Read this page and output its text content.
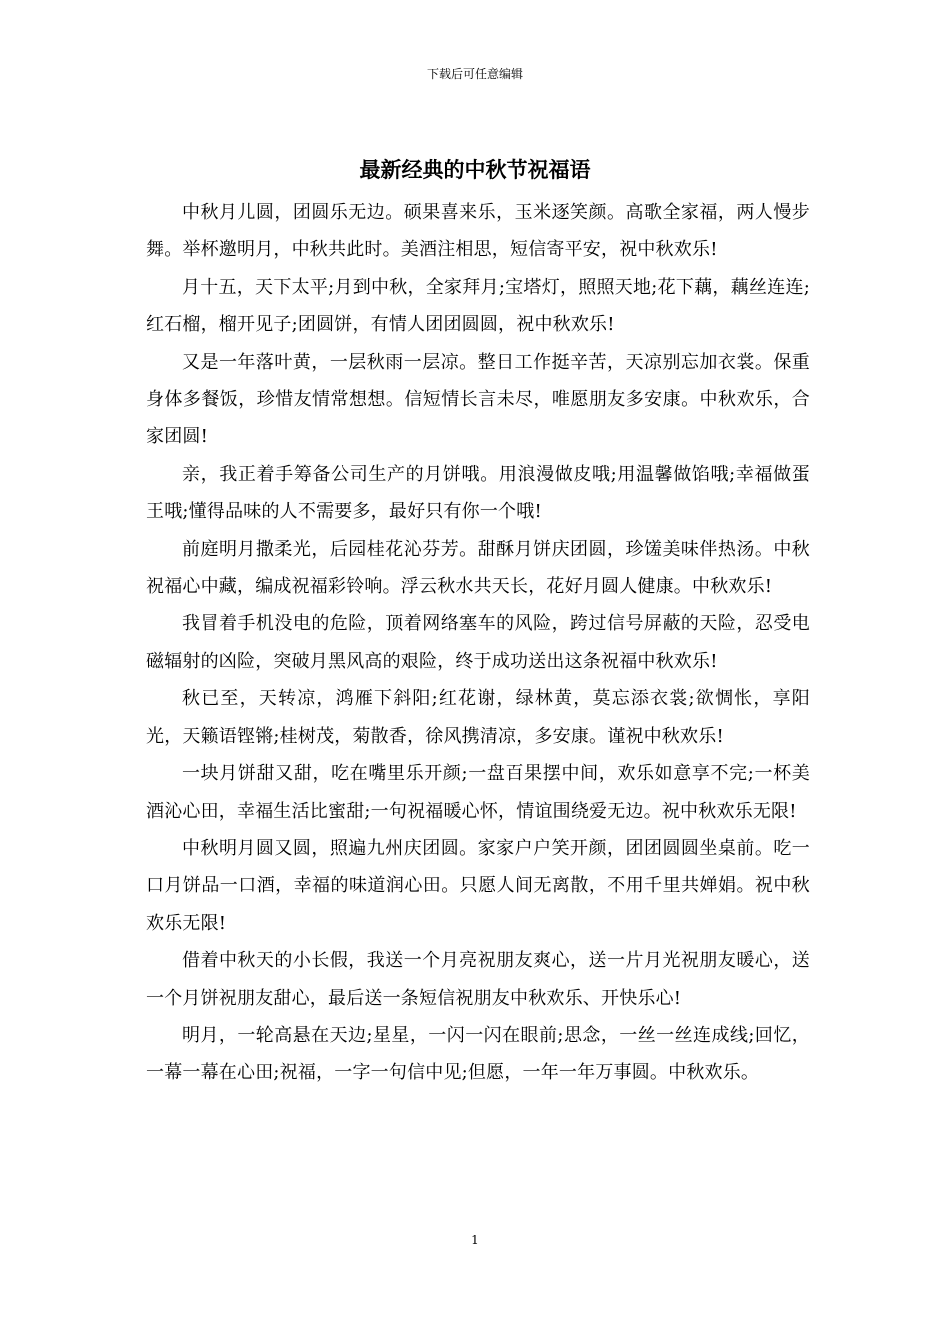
下载后可任意编辑
最新经典的中秋节祝福语

中秋月儿圆，团圆乐无边。硕果喜来乐，玉米逐笑颜。高歌全家福，两人慢步舞。举杯邀明月，中秋共此时。美酒注相思，短信寄平安，祝中秋欢乐!

月十五，天下太平;月到中秋，全家拜月;宝塔灯，照照天地;花下藕，藕丝连连;红石榴，榴开见子;团圆饼，有情人团团圆圆，祝中秋欢乐!

又是一年落叶黄，一层秋雨一层凉。整日工作挺辛苦，天凉别忘加衣裳。保重身体多餐饭，珍惜友情常想想。信短情长言未尽，唯愿朋友多安康。中秋欢乐，合家团圆!

亲，我正着手筹备公司生产的月饼哦。用浪漫做皮哦;用温馨做馅哦;幸福做蛋王哦;懂得品味的人不需要多，最好只有你一个哦!

前庭明月撒柔光，后园桂花沁芬芳。甜酥月饼庆团圆，珍馐美味伴热汤。中秋祝福心中藏，编成祝福彩铃响。浮云秋水共天长，花好月圆人健康。中秋欢乐!

我冒着手机没电的危险，顶着网络塞车的风险，跨过信号屏蔽的天险，忍受电磁辐射的凶险，突破月黑风高的艰险，终于成功送出这条祝福中秋欢乐!

秋已至，天转凉，鸿雁下斜阳;红花谢，绿林黄，莫忘添衣裳;欲惆怅，享阳光，天籁语铿锵;桂树茂，菊散香，徐风携清凉，多安康。谨祝中秋欢乐!

一块月饼甜又甜，吃在嘴里乐开颜;一盘百果摆中间，欢乐如意享不完;一杯美酒沁心田，幸福生活比蜜甜;一句祝福暖心怀，情谊围绕爱无边。祝中秋欢乐无限!

中秋明月圆又圆，照遍九州庆团圆。家家户户笑开颜，团团圆圆坐桌前。吃一口月饼品一口酒，幸福的味道润心田。只愿人间无离散，不用千里共婵娟。祝中秋欢乐无限!

借着中秋天的小长假，我送一个月亮祝朋友爽心，送一片月光祝朋友暖心，送一个月饼祝朋友甜心，最后送一条短信祝朋友中秋欢乐、开快乐心!

明月，一轮高悬在天边;星星，一闪一闪在眼前;思念，一丝一丝连成线;回忆，一幕一幕在心田;祝福，一字一句信中见;但愿，一年一年万事圆。中秋欢乐。

1
